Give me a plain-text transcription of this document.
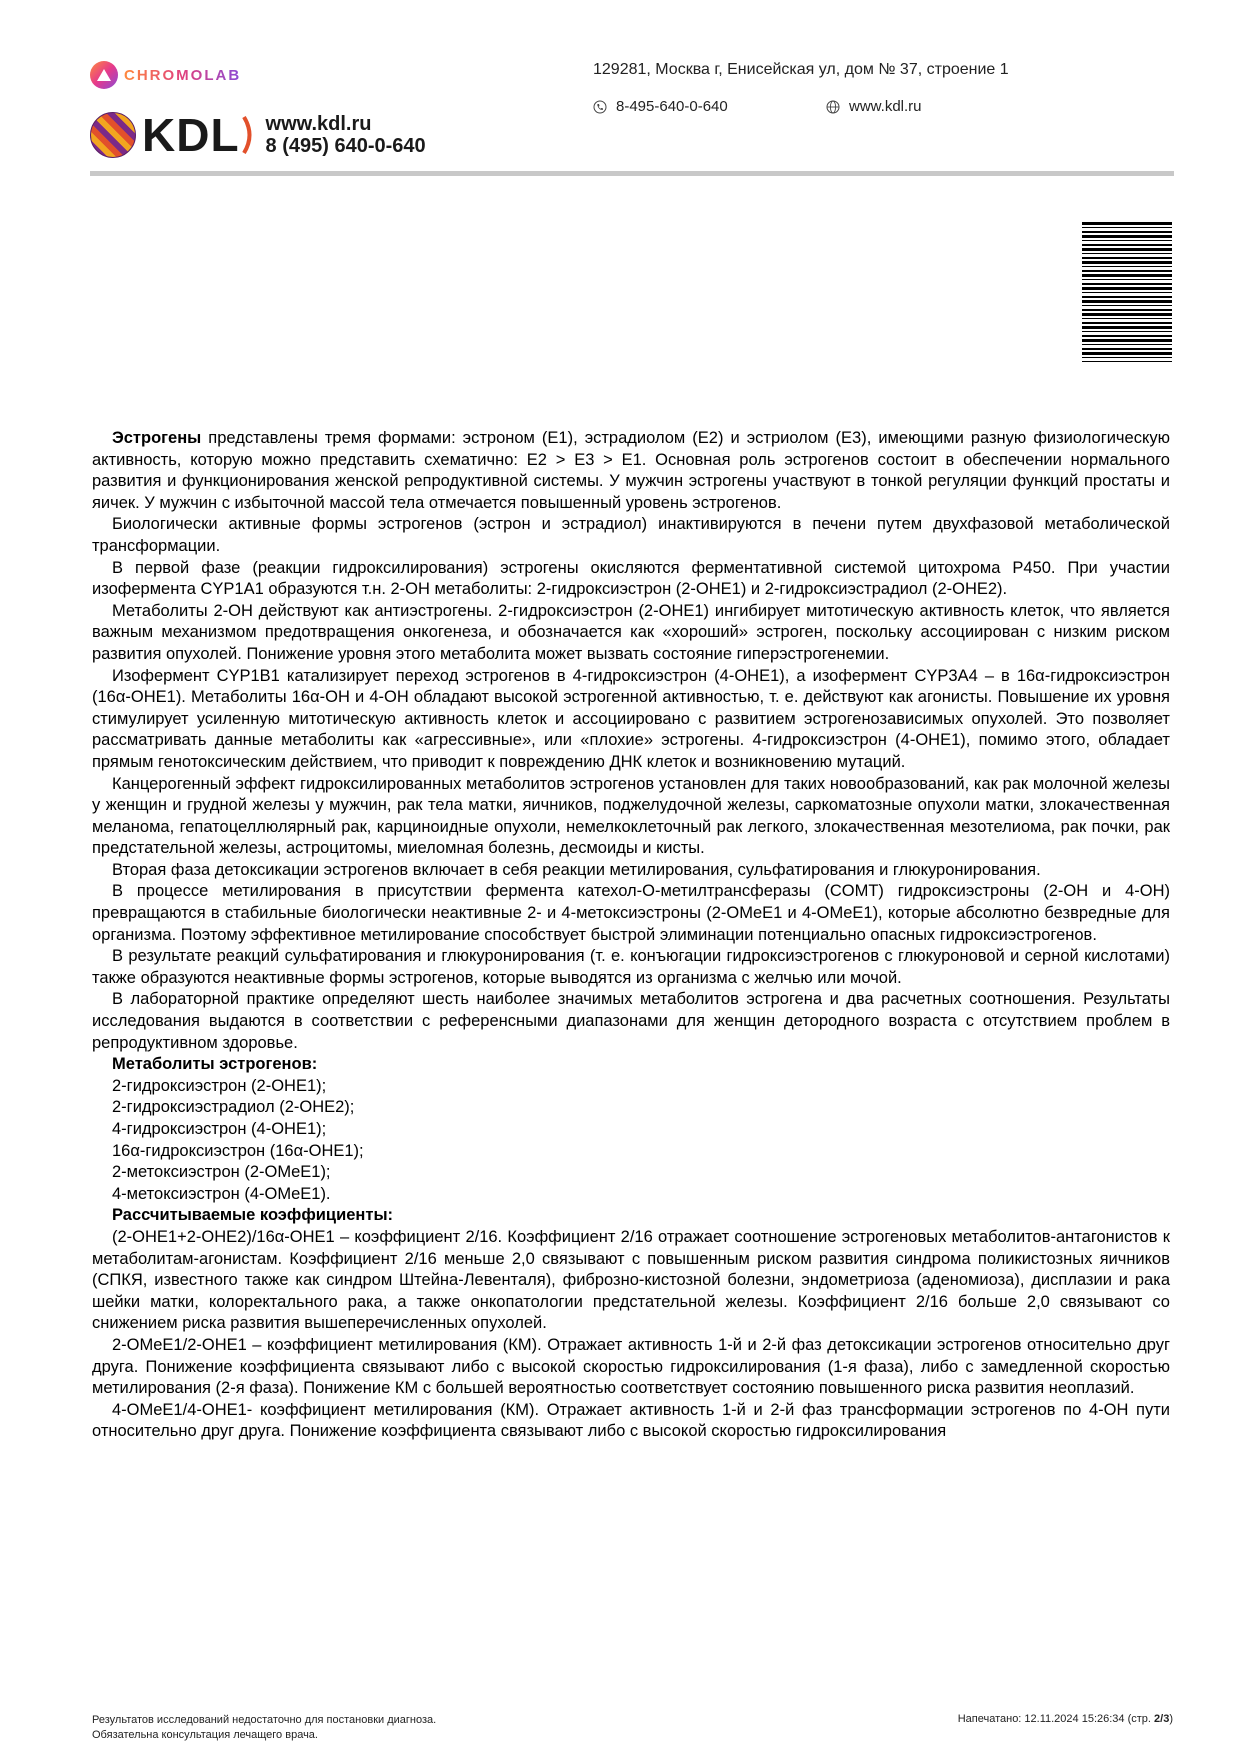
CHROMOLAB
KDL www.kdl.ru
8 (495) 640-0-640
129281, Москва г, Енисейская ул, дом № 37, строение 1
8-495-640-0-640	www.kdl.ru

Эстрогены представлены тремя формами: эстроном (Е1), эстрадиолом (Е2) и эстриолом (Е3), имеющими разную физиологическую активность, которую можно представить схематично: Е2 > Е3 > Е1. Основная роль эстрогенов состоит в обеспечении нормального развития и функционирования женской репродуктивной системы. У мужчин эстрогены участвуют в тонкой регуляции функций простаты и яичек. У мужчин с избыточной массой тела отмечается повышенный уровень эстрогенов.

Биологически активные формы эстрогенов (эстрон и эстрадиол) инактивируются в печени путем двухфазовой метаболической трансформации.

В первой фазе (реакции гидроксилирования) эстрогены окисляются ферментативной системой цитохрома Р450. При участии изофермента CYP1A1 образуются т.н. 2-ОН метаболиты: 2-гидроксиэстрон (2-OHE1) и 2-гидроксиэстрадиол (2-OHE2).

Метаболиты 2-ОН действуют как антиэстрогены. 2-гидроксиэстрон (2-OHE1) ингибирует митотическую активность клеток, что является важным механизмом предотвращения онкогенеза, и обозначается как «хороший» эстроген, поскольку ассоциирован с низким риском развития опухолей. Понижение уровня этого метаболита может вызвать состояние гиперэстрогенемии.

Изофермент CYP1B1 катализирует переход эстрогенов в 4-гидроксиэстрон (4-OHE1), а изофермент CYP3A4 – в 16α-гидроксиэстрон (16α-OHE1). Метаболиты 16α-ОН и 4-ОН обладают высокой эстрогенной активностью, т. е. действуют как агонисты. Повышение их уровня стимулирует усиленную митотическую активность клеток и ассоциировано с развитием эстрогенозависимых опухолей. Это позволяет рассматривать данные метаболиты как «агрессивные», или «плохие» эстрогены. 4-гидроксиэстрон (4-OHE1), помимо этого, обладает прямым генотоксическим действием, что приводит к повреждению ДНК клеток и возникновению мутаций.

Канцерогенный эффект гидроксилированных метаболитов эстрогенов установлен для таких новообразований, как рак молочной железы у женщин и грудной железы у мужчин, рак тела матки, яичников, поджелудочной железы, саркоматозные опухоли матки, злокачественная меланома, гепатоцеллюлярный рак, карциноидные опухоли, немелкоклеточный рак легкого, злокачественная мезотелиома, рак почки, рак предстательной железы, астроцитомы, миеломная болезнь, десмоиды и кисты.

Вторая фаза детоксикации эстрогенов включает в себя реакции метилирования, сульфатирования и глюкуронирования.

В процессе метилирования в присутствии фермента катехол-О-метилтрансферазы (COMT) гидроксиэстроны (2-OH и 4-OH) превращаются в стабильные биологически неактивные 2- и 4-метоксиэстроны (2-OMeE1 и 4-OMeE1), которые абсолютно безвредные для организма. Поэтому эффективное метилирование способствует быстрой элиминации потенциально опасных гидроксиэстрогенов.

В результате реакций сульфатирования и глюкуронирования (т. е. конъюгации гидроксиэстрогенов с глюкуроновой и серной кислотами) также образуются неактивные формы эстрогенов, которые выводятся из организма с желчью или мочой.

В лабораторной практике определяют шесть наиболее значимых метаболитов эстрогена и два расчетных соотношения. Результаты исследования выдаются в соответствии с референсными диапазонами для женщин детородного возраста с отсутствием проблем в репродуктивном здоровье.

Метаболиты эстрогенов:

2-гидроксиэстрон (2-OHE1);

2-гидроксиэстрадиол (2-OHE2);

4-гидроксиэстрон (4-OHE1);

16α-гидроксиэстрон (16α-OHE1);

2-метоксиэстрон (2-OMeE1);

4-метоксиэстрон (4-OMeE1).

Рассчитываемые коэффициенты:

(2-OHE1+2-OHE2)/16α-OHE1 – коэффициент 2/16. Коэффициент 2/16 отражает соотношение эстрогеновых метаболитов-антагонистов к метаболитам-агонистам. Коэффициент 2/16 меньше 2,0 связывают с повышенным риском развития синдрома поликистозных яичников (СПКЯ, известного также как синдром Штейна-Левенталя), фиброзно-кистозной болезни, эндометриоза (аденомиоза), дисплазии и рака шейки матки, колоректального рака, а также онкопатологии предстательной железы. Коэффициент 2/16 больше 2,0 связывают со снижением риска развития вышеперечисленных опухолей.

2-OMeE1/2-OHE1 – коэффициент метилирования (КМ). Отражает активность 1-й и 2-й фаз детоксикации эстрогенов относительно друг друга. Понижение коэффициента связывают либо с высокой скоростью гидроксилирования (1-я фаза), либо с замедленной скоростью метилирования (2-я фаза). Понижение КМ с большей вероятностью соответствует состоянию повышенного риска развития неоплазий.

4-OMeE1/4-OHE1- коэффициент метилирования (КМ). Отражает активность 1-й и 2-й фаз трансформации эстрогенов по 4-ОН пути относительно друг друга. Понижение коэффициента связывают либо с высокой скоростью гидроксилирования

Результатов исследований недостаточно для постановки диагноза.
Обязательна консультация лечащего врача.
Напечатано: 12.11.2024 15:26:34 (стр. 2/3)
